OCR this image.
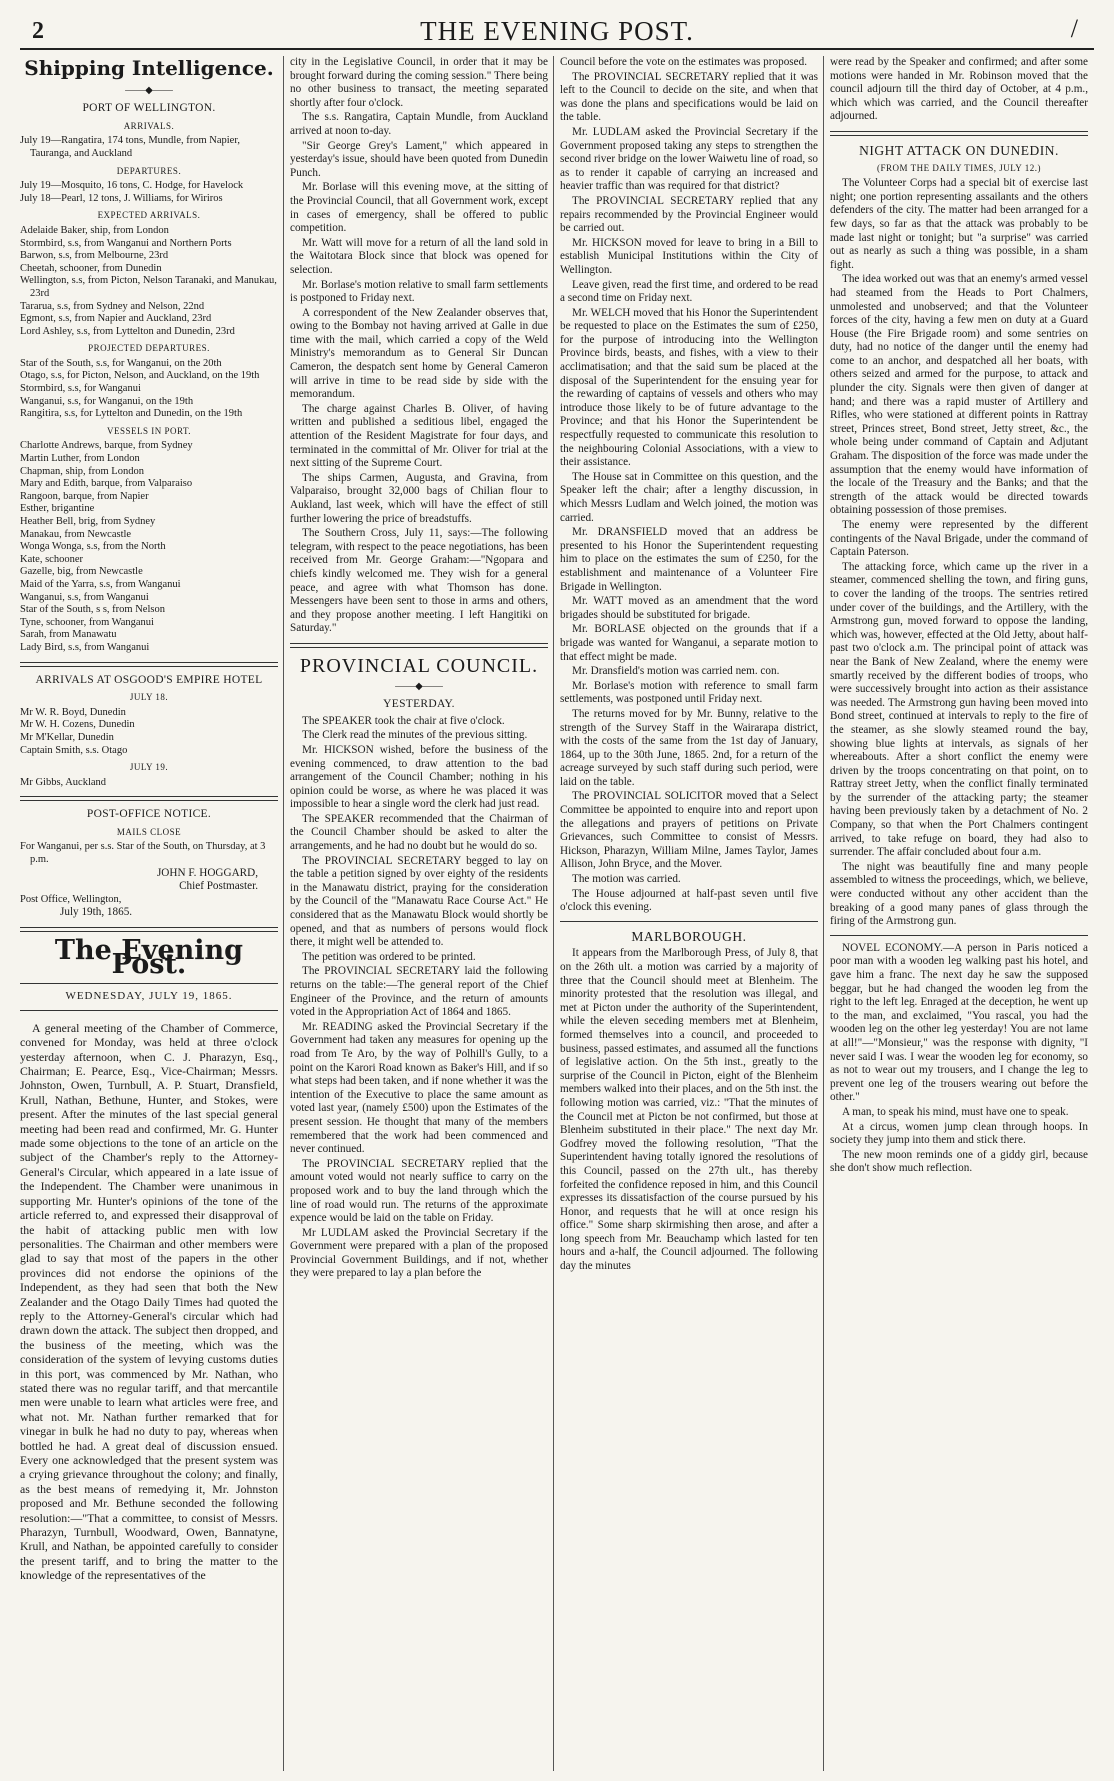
2	THE EVENING POST.	/
Shipping Intelligence.
——◆——
PORT OF WELLINGTON.
ARRIVALS.

July 19—Rangatira, 174 tons, Mundle, from Napier, Tauranga, and Auckland

DEPARTURES.

July 19—Mosquito, 16 tons, C. Hodge, for Havelock

July 18—Pearl, 12 tons, J. Williams, for Wiriros

EXPECTED ARRIVALS.

Adelaide Baker, ship, from London

Stormbird, s.s, from Wanganui and Northern Ports

Barwon, s.s, from Melbourne, 23rd

Cheetah, schooner, from Dunedin

Wellington, s.s, from Picton, Nelson Taranaki, and Manukau, 23rd

Tararua, s.s, from Sydney and Nelson, 22nd

Egmont, s.s, from Napier and Auckland, 23rd

Lord Ashley, s.s, from Lyttelton and Dunedin, 23rd

PROJECTED DEPARTURES.

Star of the South, s.s, for Wanganui, on the 20th

Otago, s.s, for Picton, Nelson, and Auckland, on the 19th

Stormbird, s.s, for Wanganui

Wanganui, s.s, for Wanganui, on the 19th

Rangitira, s.s, for Lyttelton and Dunedin, on the 19th

VESSELS IN PORT.

Charlotte Andrews, barque, from Sydney

Martin Luther, from London

Chapman, ship, from London

Mary and Edith, barque, from Valparaiso

Rangoon, barque, from Napier

Esther, brigantine

Heather Bell, brig, from Sydney

Manakau, from Newcastle

Wonga Wonga, s.s, from the North

Kate, schooner

Gazelle, big, from Newcastle

Maid of the Yarra, s.s, from Wanganui

Wanganui, s.s, from Wanganui

Star of the South, s s, from Nelson

Tyne, schooner, from Wanganui

Sarah, from Manawatu

Lady Bird, s.s, from Wanganui

ARRIVALS AT OSGOOD'S EMPIRE HOTEL
JULY 18.

Mr W. R. Boyd, Dunedin

Mr W. H. Cozens, Dunedin

Mr M'Kellar, Dunedin

Captain Smith, s.s. Otago

JULY 19.

Mr Gibbs, Auckland

POST-OFFICE NOTICE.
MAILS CLOSE

For Wanganui, per s.s. Star of the South, on Thursday, at 3 p.m.

JOHN F. HOGGARD,

Chief Postmaster.

Post Office, Wellington,

July 19th, 1865.

The Evening Post.
WEDNESDAY, JULY 19, 1865.

A general meeting of the Chamber of Commerce, convened for Monday, was held at three o'clock yesterday afternoon, when C. J. Pharazyn, Esq., Chairman; E. Pearce, Esq., Vice-Chairman; Messrs. Johnston, Owen, Turnbull, A. P. Stuart, Dransfield, Krull, Nathan, Bethune, Hunter, and Stokes, were present. After the minutes of the last special general meeting had been read and confirmed, Mr. G. Hunter made some objections to the tone of an article on the subject of the Chamber's reply to the Attorney-General's Circular, which appeared in a late issue of the Independent. The Chamber were unanimous in supporting Mr. Hunter's opinions of the tone of the article referred to, and expressed their disapproval of the habit of attacking public men with low personalities. The Chairman and other members were glad to say that most of the papers in the other provinces did not endorse the opinions of the Independent, as they had seen that both the New Zealander and the Otago Daily Times had quoted the reply to the Attorney-General's circular which had drawn down the attack. The subject then dropped, and the business of the meeting, which was the consideration of the system of levying customs duties in this port, was commenced by Mr. Nathan, who stated there was no regular tariff, and that mercantile men were unable to learn what articles were free, and what not. Mr. Nathan further remarked that for vinegar in bulk he had no duty to pay, whereas when bottled he had. A great deal of discussion ensued. Every one acknowledged that the present system was a crying grievance throughout the colony; and finally, as the best means of remedying it, Mr. Johnston proposed and Mr. Bethune seconded the following resolution:—"That a committee, to consist of Messrs. Pharazyn, Turnbull, Woodward, Owen, Bannatyne, Krull, and Nathan, be appointed carefully to consider the present tariff, and to bring the matter to the knowledge of the representatives of the

city in the Legislative Council, in order that it may be brought forward during the coming session." There being no other business to transact, the meeting separated shortly after four o'clock.

The s.s. Rangatira, Captain Mundle, from Auckland arrived at noon to-day.

"Sir George Grey's Lament," which appeared in yesterday's issue, should have been quoted from Dunedin Punch.

Mr. Borlase will this evening move, at the sitting of the Provincial Council, that all Government work, except in cases of emergency, shall be offered to public competition.

Mr. Watt will move for a return of all the land sold in the Waitotara Block since that block was opened for selection.

Mr. Borlase's motion relative to small farm settlements is postponed to Friday next.

A correspondent of the New Zealander observes that, owing to the Bombay not having arrived at Galle in due time with the mail, which carried a copy of the Weld Ministry's memorandum as to General Sir Duncan Cameron, the despatch sent home by General Cameron will arrive in time to be read side by side with the memorandum.

The charge against Charles B. Oliver, of having written and published a seditious libel, engaged the attention of the Resident Magistrate for four days, and terminated in the committal of Mr. Oliver for trial at the next sitting of the Supreme Court.

The ships Carmen, Augusta, and Gravina, from Valparaiso, brought 32,000 bags of Chilian flour to Aukland, last week, which will have the effect of still further lowering the price of breadstuffs.

The Southern Cross, July 11, says:—The following telegram, with respect to the peace negotiations, has been received from Mr. George Graham:—"Ngopara and chiefs kindly welcomed me. They wish for a general peace, and agree with what Thomson has done. Messengers have been sent to those in arms and others, and they propose another meeting. I left Hangitiki on Saturday."

PROVINCIAL COUNCIL.
——◆——
YESTERDAY.

The SPEAKER took the chair at five o'clock.

The Clerk read the minutes of the previous sitting.

Mr. HICKSON wished, before the business of the evening commenced, to draw attention to the bad arrangement of the Council Chamber; nothing in his opinion could be worse, as where he was placed it was impossible to hear a single word the clerk had just read.

The SPEAKER recommended that the Chairman of the Council Chamber should be asked to alter the arrangements, and he had no doubt but he would do so.

The PROVINCIAL SECRETARY begged to lay on the table a petition signed by over eighty of the residents in the Manawatu district, praying for the consideration by the Council of the "Manawatu Race Course Act." He considered that as the Manawatu Block would shortly be opened, and that as numbers of persons would flock there, it might well be attended to.

The petition was ordered to be printed.

The PROVINCIAL SECRETARY laid the following returns on the table:—The general report of the Chief Engineer of the Province, and the return of amounts voted in the Appropriation Act of 1864 and 1865.

Mr. READING asked the Provincial Secretary if the Government had taken any measures for opening up the road from Te Aro, by the way of Polhill's Gully, to a point on the Karori Road known as Baker's Hill, and if so what steps had been taken, and if none whether it was the intention of the Executive to place the same amount as voted last year, (namely £500) upon the Estimates of the present session. He thought that many of the members remembered that the work had been commenced and never continued.

The PROVINCIAL SECRETARY replied that the amount voted would not nearly suffice to carry on the proposed work and to buy the land through which the line of road would run. The returns of the approximate expence would be laid on the table on Friday.

Mr LUDLAM asked the Provincial Secretary if the Government were prepared with a plan of the proposed Provincial Government Buildings, and if not, whether they were prepared to lay a plan before the

Council before the vote on the estimates was proposed.

The PROVINCIAL SECRETARY replied that it was left to the Council to decide on the site, and when that was done the plans and specifications would be laid on the table.

Mr. LUDLAM asked the Provincial Secretary if the Government proposed taking any steps to strengthen the second river bridge on the lower Waiwetu line of road, so as to render it capable of carrying an increased and heavier traffic than was required for that district?

The PROVINCIAL SECRETARY replied that any repairs recommended by the Provincial Engineer would be carried out.

Mr. HICKSON moved for leave to bring in a Bill to establish Municipal Institutions within the City of Wellington.

Leave given, read the first time, and ordered to be read a second time on Friday next.

Mr. WELCH moved that his Honor the Superintendent be requested to place on the Estimates the sum of £250, for the purpose of introducing into the Wellington Province birds, beasts, and fishes, with a view to their acclimatisation; and that the said sum be placed at the disposal of the Superintendent for the ensuing year for the rewarding of captains of vessels and others who may introduce those likely to be of future advantage to the Province; and that his Honor the Superintendent be respectfully requested to communicate this resolution to the neighbouring Colonial Associations, with a view to their assistance.

The House sat in Committee on this question, and the Speaker left the chair; after a lengthy discussion, in which Messrs Ludlam and Welch joined, the motion was carried.

Mr. DRANSFIELD moved that an address be presented to his Honor the Superintendent requesting him to place on the estimates the sum of £250, for the establishment and maintenance of a Volunteer Fire Brigade in Wellington.

Mr. WATT moved as an amendment that the word brigades should be substituted for brigade.

Mr. BORLASE objected on the grounds that if a brigade was wanted for Wanganui, a separate motion to that effect might be made.

Mr. Dransfield's motion was carried nem. con.

Mr. Borlase's motion with reference to small farm settlements, was postponed until Friday next.

The returns moved for by Mr. Bunny, relative to the strength of the Survey Staff in the Wairarapa district, with the costs of the same from the 1st day of January, 1864, up to the 30th June, 1865. 2nd, for a return of the acreage surveyed by such staff during such period, were laid on the table.

The PROVINCIAL SOLICITOR moved that a Select Committee be appointed to enquire into and report upon the allegations and prayers of petitions on Private Grievances, such Committee to consist of Messrs. Hickson, Pharazyn, William Milne, James Taylor, James Allison, John Bryce, and the Mover.

The motion was carried.

The House adjourned at half-past seven until five o'clock this evening.

MARLBOROUGH.

It appears from the Marlborough Press, of July 8, that on the 26th ult. a motion was carried by a majority of three that the Council should meet at Blenheim. The minority protested that the resolution was illegal, and met at Picton under the authority of the Superintendent, while the eleven seceding members met at Blenheim, formed themselves into a council, and proceeded to business, passed estimates, and assumed all the functions of legislative action. On the 5th inst., greatly to the surprise of the Council in Picton, eight of the Blenheim members walked into their places, and on the 5th inst. the following motion was carried, viz.: "That the minutes of the Council met at Picton be not confirmed, but those at Blenheim substituted in their place." The next day Mr. Godfrey moved the following resolution, "That the Superintendent having totally ignored the resolutions of this Council, passed on the 27th ult., has thereby forfeited the confidence reposed in him, and this Council expresses its dissatisfaction of the course pursued by his Honor, and requests that he will at once resign his office." Some sharp skirmishing then arose, and after a long speech from Mr. Beauchamp which lasted for ten hours and a-half, the Council adjourned. The following day the minutes

were read by the Speaker and confirmed; and after some motions were handed in Mr. Robinson moved that the council adjourn till the third day of October, at 4 p.m., which which was carried, and the Council thereafter adjourned.

NIGHT ATTACK ON DUNEDIN.
(FROM THE DAILY TIMES, JULY 12.)

The Volunteer Corps had a special bit of exercise last night; one portion representing assailants and the others defenders of the city. The matter had been arranged for a few days, so far as that the attack was probably to be made last night or tonight; but "a surprise" was carried out as nearly as such a thing was possible, in a sham fight.

The idea worked out was that an enemy's armed vessel had steamed from the Heads to Port Chalmers, unmolested and unobserved; and that the Volunteer forces of the city, having a few men on duty at a Guard House (the Fire Brigade room) and some sentries on duty, had no notice of the danger until the enemy had come to an anchor, and despatched all her boats, with others seized and armed for the purpose, to attack and plunder the city. Signals were then given of danger at hand; and there was a rapid muster of Artillery and Rifles, who were stationed at different points in Rattray street, Princes street, Bond street, Jetty street, &c., the whole being under command of Captain and Adjutant Graham. The disposition of the force was made under the assumption that the enemy would have information of the locale of the Treasury and the Banks; and that the strength of the attack would be directed towards obtaining possession of those premises.

The enemy were represented by the different contingents of the Naval Brigade, under the command of Captain Paterson.

The attacking force, which came up the river in a steamer, commenced shelling the town, and firing guns, to cover the landing of the troops. The sentries retired under cover of the buildings, and the Artillery, with the Armstrong gun, moved forward to oppose the landing, which was, however, effected at the Old Jetty, about half-past two o'clock a.m. The principal point of attack was near the Bank of New Zealand, where the enemy were smartly received by the different bodies of troops, who were successively brought into action as their assistance was needed. The Armstrong gun having been moved into Bond street, continued at intervals to reply to the fire of the steamer, as she slowly steamed round the bay, showing blue lights at intervals, as signals of her whereabouts. After a short conflict the enemy were driven by the troops concentrating on that point, on to Rattray street Jetty, when the conflict finally terminated by the surrender of the attacking party; the steamer having been previously taken by a detachment of No. 2 Company, so that when the Port Chalmers contingent arrived, to take refuge on board, they had also to surrender. The affair concluded about four a.m.

The night was beautifully fine and many people assembled to witness the proceedings, which, we believe, were conducted without any other accident than the breaking of a good many panes of glass through the firing of the Armstrong gun.

NOVEL ECONOMY.—A person in Paris noticed a poor man with a wooden leg walking past his hotel, and gave him a franc. The next day he saw the supposed beggar, but he had changed the wooden leg from the right to the left leg. Enraged at the deception, he went up to the man, and exclaimed, "You rascal, you had the wooden leg on the other leg yesterday! You are not lame at all!"—"Monsieur," was the response with dignity, "I never said I was. I wear the wooden leg for economy, so as not to wear out my trousers, and I change the leg to prevent one leg of the trousers wearing out before the other."

A man, to speak his mind, must have one to speak.

At a circus, women jump clean through hoops. In society they jump into them and stick there.

The new moon reminds one of a giddy girl, because she don't show much reflection.
